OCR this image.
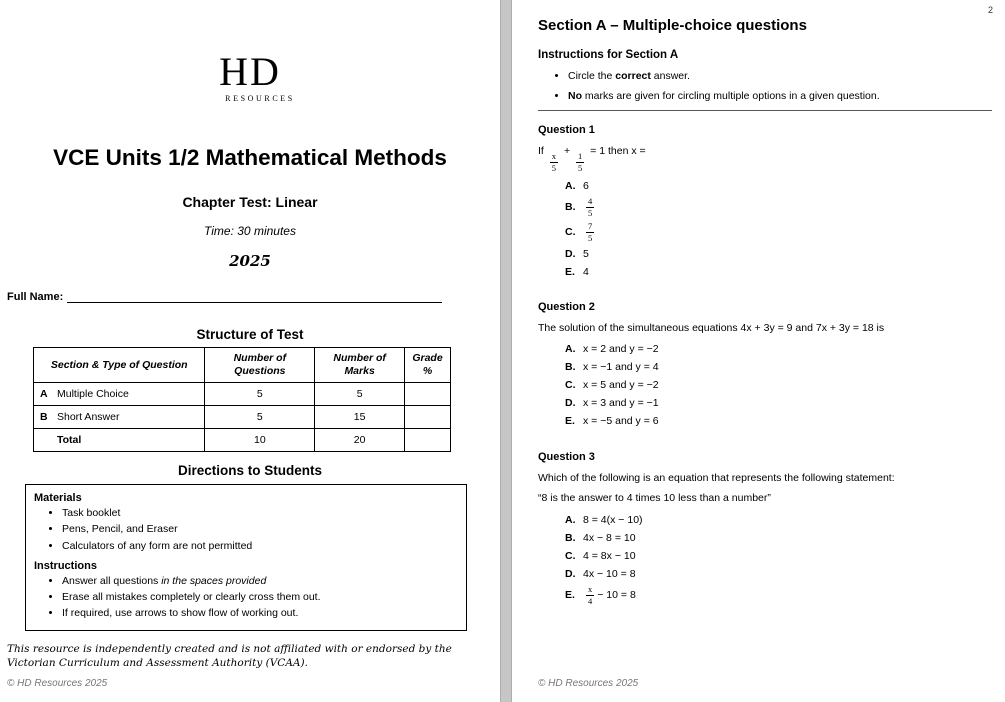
HD
RESOURCES
VCE Units 1/2 Mathematical Methods
Chapter Test: Linear
Time: 30 minutes
2025
Full Name:
Structure of Test
Section & Type of Question	Number of Questions	Number of Marks	Grade %
A Multiple Choice	5	5	
B Short Answer	5	15	
Total	10	20	
Directions to Students
Materials
• Task booklet
• Pens, Pencil, and Eraser
• Calculators of any form are not permitted
Instructions
• Answer all questions in the spaces provided
• Erase all mistakes completely or clearly cross them out.
• If required, use arrows to show flow of working out.
This resource is independently created and is not affiliated with or endorsed by the Victorian Curriculum and Assessment Authority (VCAA).
© HD Resources 2025
2
Section A – Multiple-choice questions
Instructions for Section A
• Circle the correct answer.
• No marks are given for circling multiple options in a given question.
Question 1
If
$\frac{x}{5}$
+
$\frac{1}{5}$
= 1 then x =
A. 6
B.	$\frac{4}{5}$
C.	$\frac{7}{5}$
D. 5
E. 4
Question 2
The solution of the simultaneous equations 4x + 3y = 9 and 7x + 3y = 18 is
A. x = 2 and y = −2
B. x = −1 and y = 4
C. x = 5 and y = −2
D. x = 3 and y = −1
E. x = −5 and y = 6
Question 3
Which of the following is an equation that represents the following statement:
“8 is the answer to 4 times 10 less than a number”
A. 8 = 4(x − 10)
B. 4x − 8 = 10
C. 4 = 8x − 10
D. 4x − 10 = 8
E.	$\frac{x}{4} - 10 = 8$
© HD Resources 2025
